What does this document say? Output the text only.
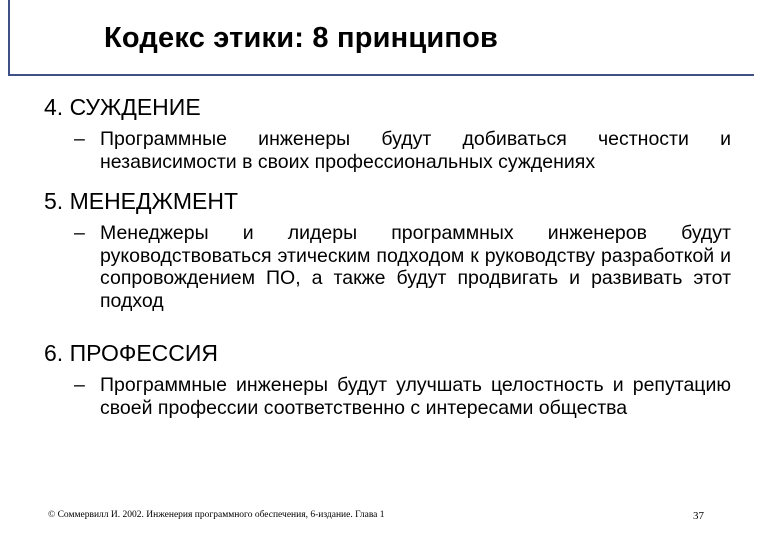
Кодекс этики: 8 принципов
4. СУЖДЕНИЕ
– Программные инженеры будут добиваться честности и независимости в своих профессиональных суждениях
5. МЕНЕДЖМЕНТ
– Менеджеры и лидеры программных инженеров будут руководствоваться этическим подходом к руководству разработкой и сопровождением ПО, а также будут продвигать и развивать этот подход
6. ПРОФЕССИЯ
– Программные инженеры будут улучшать целостность и репутацию своей профессии соответственно с интересами общества
© Соммервилл И. 2002. Инженерия программного обеспечения, 6-издание. Глава 1	37
